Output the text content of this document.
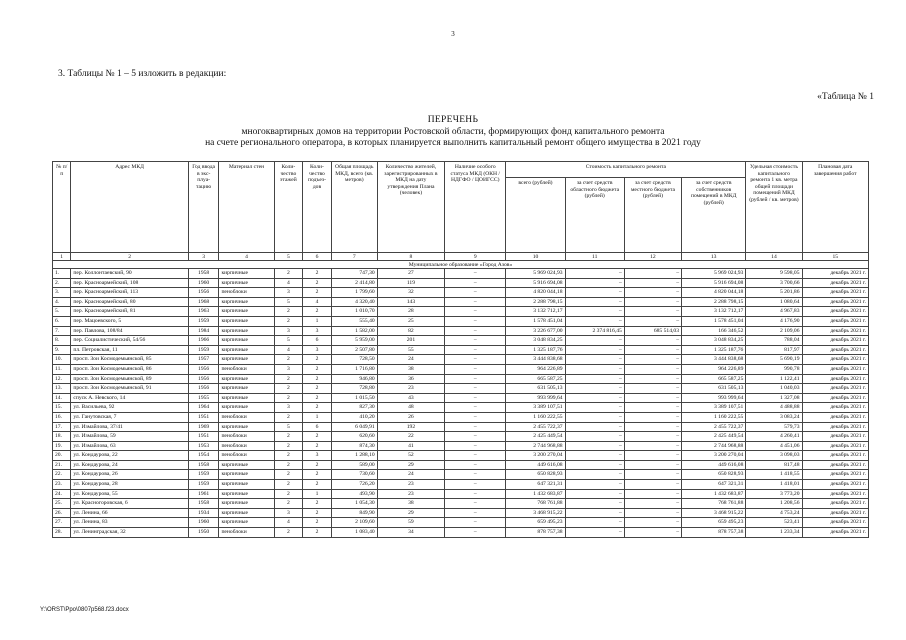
3
3. Таблицы № 1 – 5 изложить в редакции:
«Таблица № 1
ПЕРЕЧЕНЬ
многоквартирных домов на территории Ростовской области, формирующих фонд капитального ремонта
на счете регионального оператора, в которых планируется выполнить капитальный ремонт общего имущества в 2021 году
№ п/п	Адрес МКД	Год ввода в экс-плуа-тацию	Материал стен	Коли-чество этажей	Коли-чество подъез-дов	Общая площадь МКД, всего (кв. метров)	Количество жителей, зарегистрированных в МКД на дату утверждения Плана (человек)	Наличие особого статуса МКД (ОКН / НДГФО / ЦОИГСС)	Стоимость капитального ремонта				Удельная стоимость капитального ремонта 1 кв. метра общей площади помещений МКД (рублей / кв. метров)	Плановая дата завершения работ
									всего (рублей)	за счет средств областного бюджета (рублей)	за счет средств местного бюджета (рублей)	за счет средств собственников помещений в МКД (рублей)		
1	2	3	4	5	6	7	8	9	10	11	12	13	14	15
Муниципальное образование «Город Азов»														
1.	пер. Коллонтаевский, 90	1958	кирпичные	2	2	747,30	27	–	5 969 024,93	–	–	5 969 024,93	9 598,05	декабрь 2021 г.
2.	пер. Красноармейский, 108	1960	кирпичные	4	2	2 414,80	119	–	5 916 694,08	–	–	5 916 694,08	3 700,66	декабрь 2021 г.
3.	пер. Красноармейский, 113	1956	пеноблоки	3	2	1 799,60	32	–	4 820 044,18	–	–	4 820 044,18	5 201,86	декабрь 2021 г.
4.	пер. Красноармейский, 80	1968	кирпичные	5	4	4 320,40	143	–	2 288 798,15	–	–	2 288 798,15	1 080,64	декабрь 2021 г.
5.	пер. Красноармейский, 81	1963	кирпичные	2	2	1 010,70	28	–	3 132 712,17	–	–	3 132 712,17	4 967,83	декабрь 2021 г.
6.	пер. Мацоевского, 5	1959	кирпичные	2	1	555,40	25	–	1 578 451,04	–	–	1 578 451,04	4 176,90	декабрь 2021 г.
7.	пер. Павлова, 108/84	1984	кирпичные	3	3	1 582,00	82	–	3 226 677,00	2 374 816,45	685 514,03	166 346,52	2 109,06	декабрь 2021 г.
8.	пер. Социалистический, 54/56	1966	кирпичные	5	6	5 959,00	201	–	3 048 834,25	–	–	3 048 834,25	788,04	декабрь 2021 г.
9.	пл. Петровская, 11	1959	кирпичные	4	3	2 507,80	55	–	1 325 187,76	–	–	1 325 187,76	817,97	декабрь 2021 г.
10.	просп. Зои Космодемьянской, 85	1957	кирпичные	2	2	728,50	24	–	3 444 838,68	–	–	3 444 838,68	5 690,19	декабрь 2021 г.
11.	просп. Зои Космодемьянской, 86	1956	пеноблоки	3	2	1 716,80	38	–	964 226,89	–	–	964 226,89	990,78	декабрь 2021 г.
12.	просп. Зои Космодемьянской, 89	1956	кирпичные	2	2	946,80	36	–	665 587,25	–	–	665 587,25	1 122,41	декабрь 2021 г.
13.	просп. Зои Космодемьянской, 91	1956	кирпичные	2	2	728,80	23	–	631 505,13	–	–	631 505,13	1 040,03	декабрь 2021 г.
14.	спуск А. Невского, 14	1955	кирпичные	2	2	1 015,50	43	–	993 999,64	–	–	993 999,64	1 327,08	декабрь 2021 г.
15.	ул. Васильева, 92	1964	кирпичные	3	2	827,30	48	–	3 389 107,51	–	–	3 389 107,51	4 488,88	декабрь 2021 г.
16.	ул. Ганутовская, 7	1951	пеноблоки	2	1	410,20	26	–	1 160 222,55	–	–	1 160 222,55	3 083,24	декабрь 2021 г.
17.	ул. Измайлова, 37/41	1969	кирпичные	5	6	6 049,91	192	–	2 455 722,37	–	–	2 455 722,37	579,73	декабрь 2021 г.
18.	ул. Измайлова, 59	1951	пеноблоки	2	2	620,60	22	–	2 425 449,54	–	–	2 425 449,54	4 260,41	декабрь 2021 г.
19.	ул. Измайлова, 63	1953	пеноблоки	2	2	874,30	41	–	2 744 968,88	–	–	2 744 968,88	4 451,06	декабрь 2021 г.
20.	ул. Кондаурова, 22	1954	пеноблоки	2	3	1 288,10	52	–	3 200 270,04	–	–	3 200 270,04	3 098,03	декабрь 2021 г.
21.	ул. Кондаурова, 24	1958	кирпичные	2	2	589,00	29	–	449 616,08	–	–	449 616,08	817,48	декабрь 2021 г.
22.	ул. Кондаурова, 26	1959	кирпичные	2	2	730,60	24	–	650 828,93	–	–	650 828,93	1 418,55	декабрь 2021 г.
23.	ул. Кондаурова, 28	1959	кирпичные	2	2	726,20	23	–	647 321,31	–	–	647 321,31	1 418,01	декабрь 2021 г.
24.	ул. Кондаурова, 55	1961	кирпичные	2	1	493,90	23	–	1 432 683,87	–	–	1 432 683,87	3 773,20	декабрь 2021 г.
25.	ул. Красногоровская, 6	1958	кирпичные	2	2	1 054,30	38	–	768 761,88	–	–	768 761,88	1 208,56	декабрь 2021 г.
26.	ул. Ленина, 66	1934	кирпичные	3	2	849,90	29	–	3 468 915,22	–	–	3 468 915,22	4 753,24	декабрь 2021 г.
27.	ул. Ленина, 83	1960	кирпичные	4	2	2 109,60	59	–	659 495,23	–	–	659 495,23	523,41	декабрь 2021 г.
28.	ул. Ленинградская, 32	1950	пеноблоки	2	2	1 083,40	34	–	878 757,38	–	–	878 757,38	1 233,34	декабрь 2021 г.
Y:\ORST\Ppo\0807p568.f23.docx
